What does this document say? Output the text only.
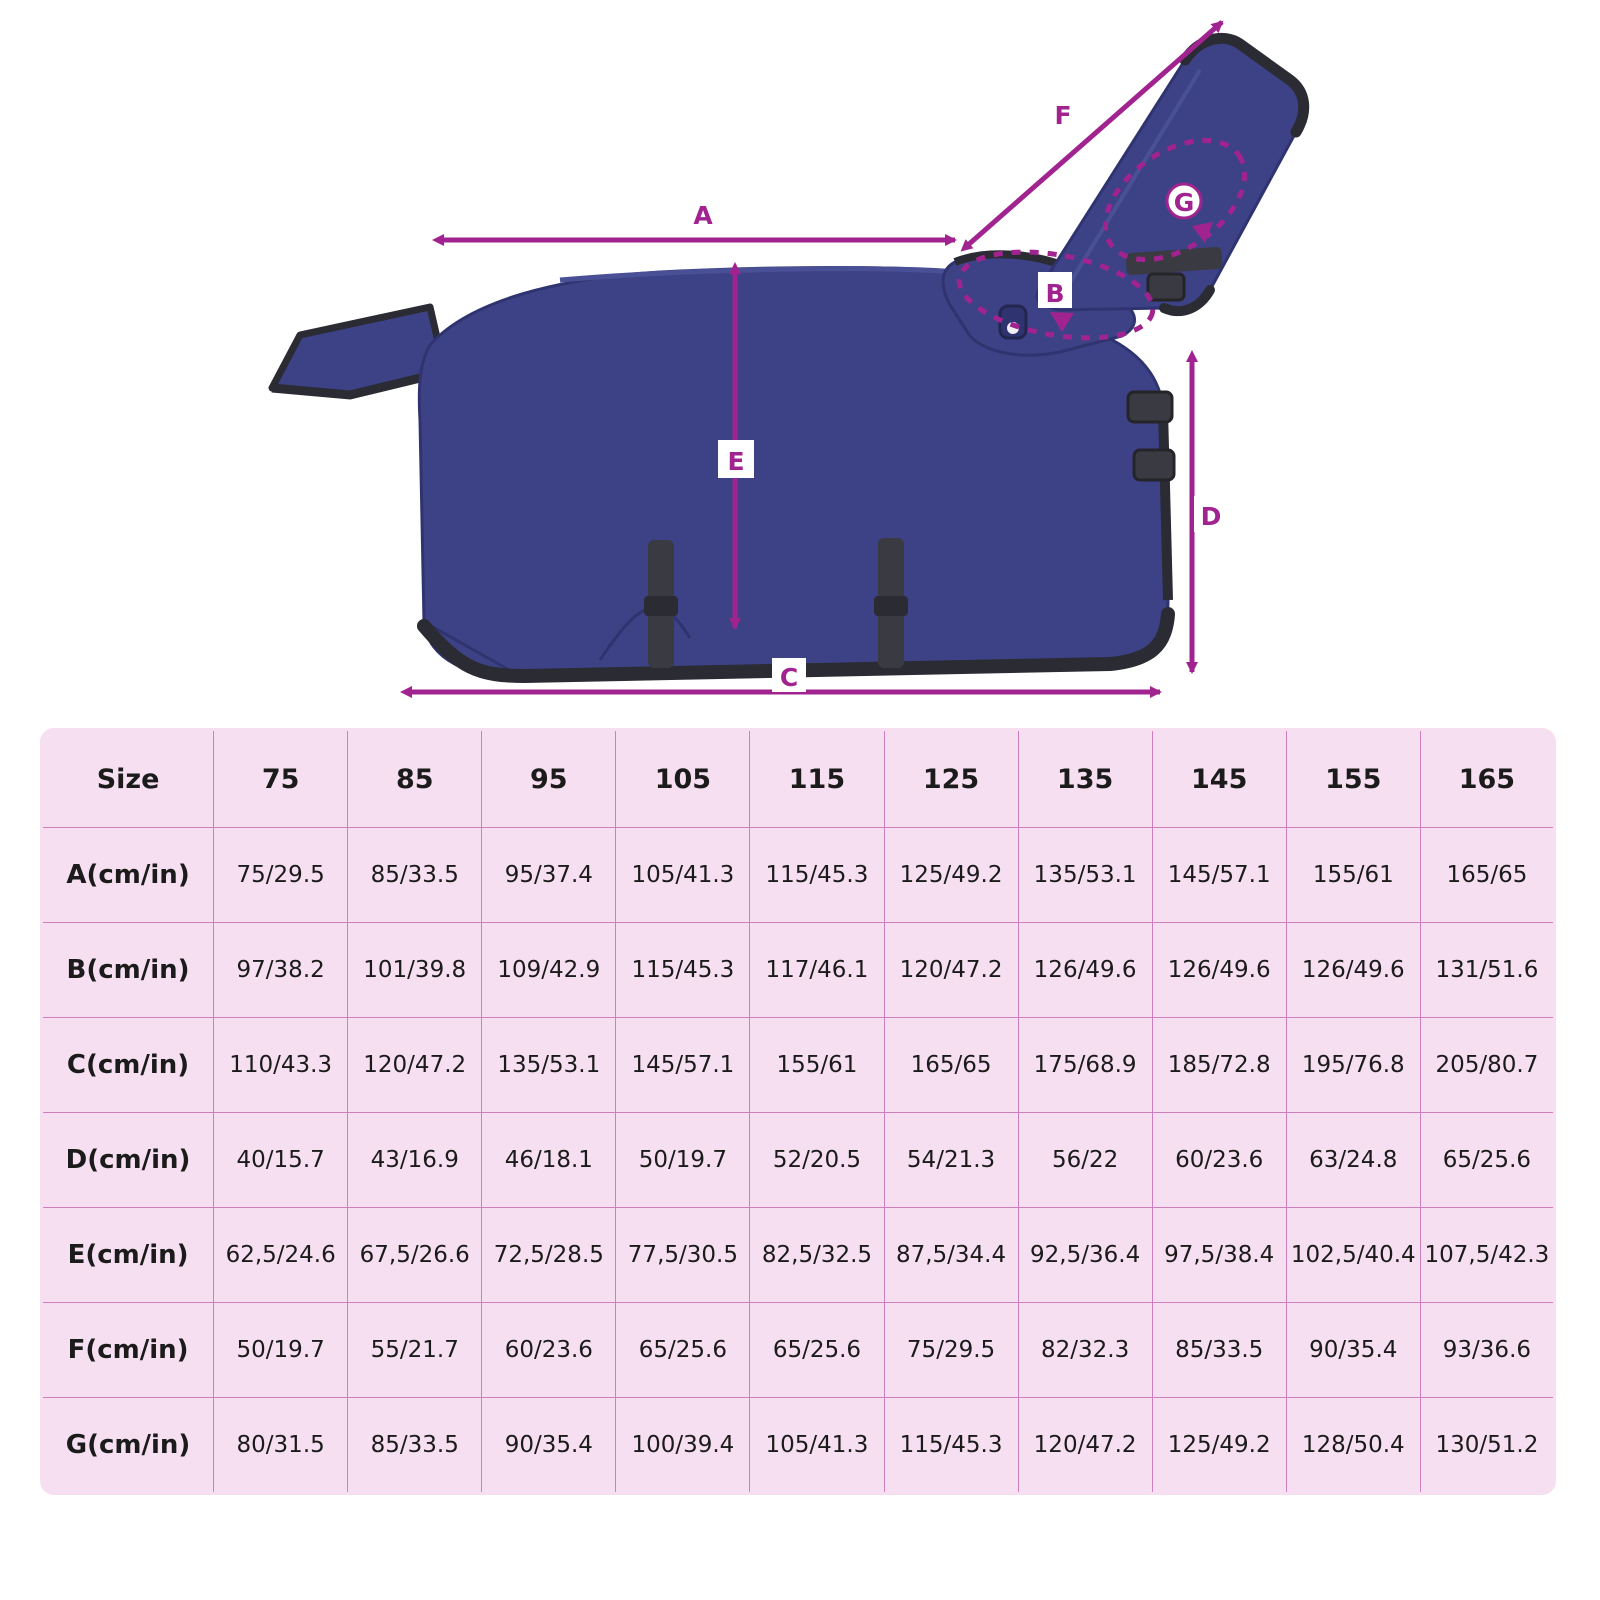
A
C
E
D
F
G
B
Size	75	85	95	105	115	125	135	145	155	165
A(cm/in)	75/29.5	85/33.5	95/37.4	105/41.3	115/45.3	125/49.2	135/53.1	145/57.1	155/61	165/65
B(cm/in)	97/38.2	101/39.8	109/42.9	115/45.3	117/46.1	120/47.2	126/49.6	126/49.6	126/49.6	131/51.6
C(cm/in)	110/43.3	120/47.2	135/53.1	145/57.1	155/61	165/65	175/68.9	185/72.8	195/76.8	205/80.7
D(cm/in)	40/15.7	43/16.9	46/18.1	50/19.7	52/20.5	54/21.3	56/22	60/23.6	63/24.8	65/25.6
E(cm/in)	62,5/24.6	67,5/26.6	72,5/28.5	77,5/30.5	82,5/32.5	87,5/34.4	92,5/36.4	97,5/38.4	102,5/40.4	107,5/42.3
F(cm/in)	50/19.7	55/21.7	60/23.6	65/25.6	65/25.6	75/29.5	82/32.3	85/33.5	90/35.4	93/36.6
G(cm/in)	80/31.5	85/33.5	90/35.4	100/39.4	105/41.3	115/45.3	120/47.2	125/49.2	128/50.4	130/51.2
